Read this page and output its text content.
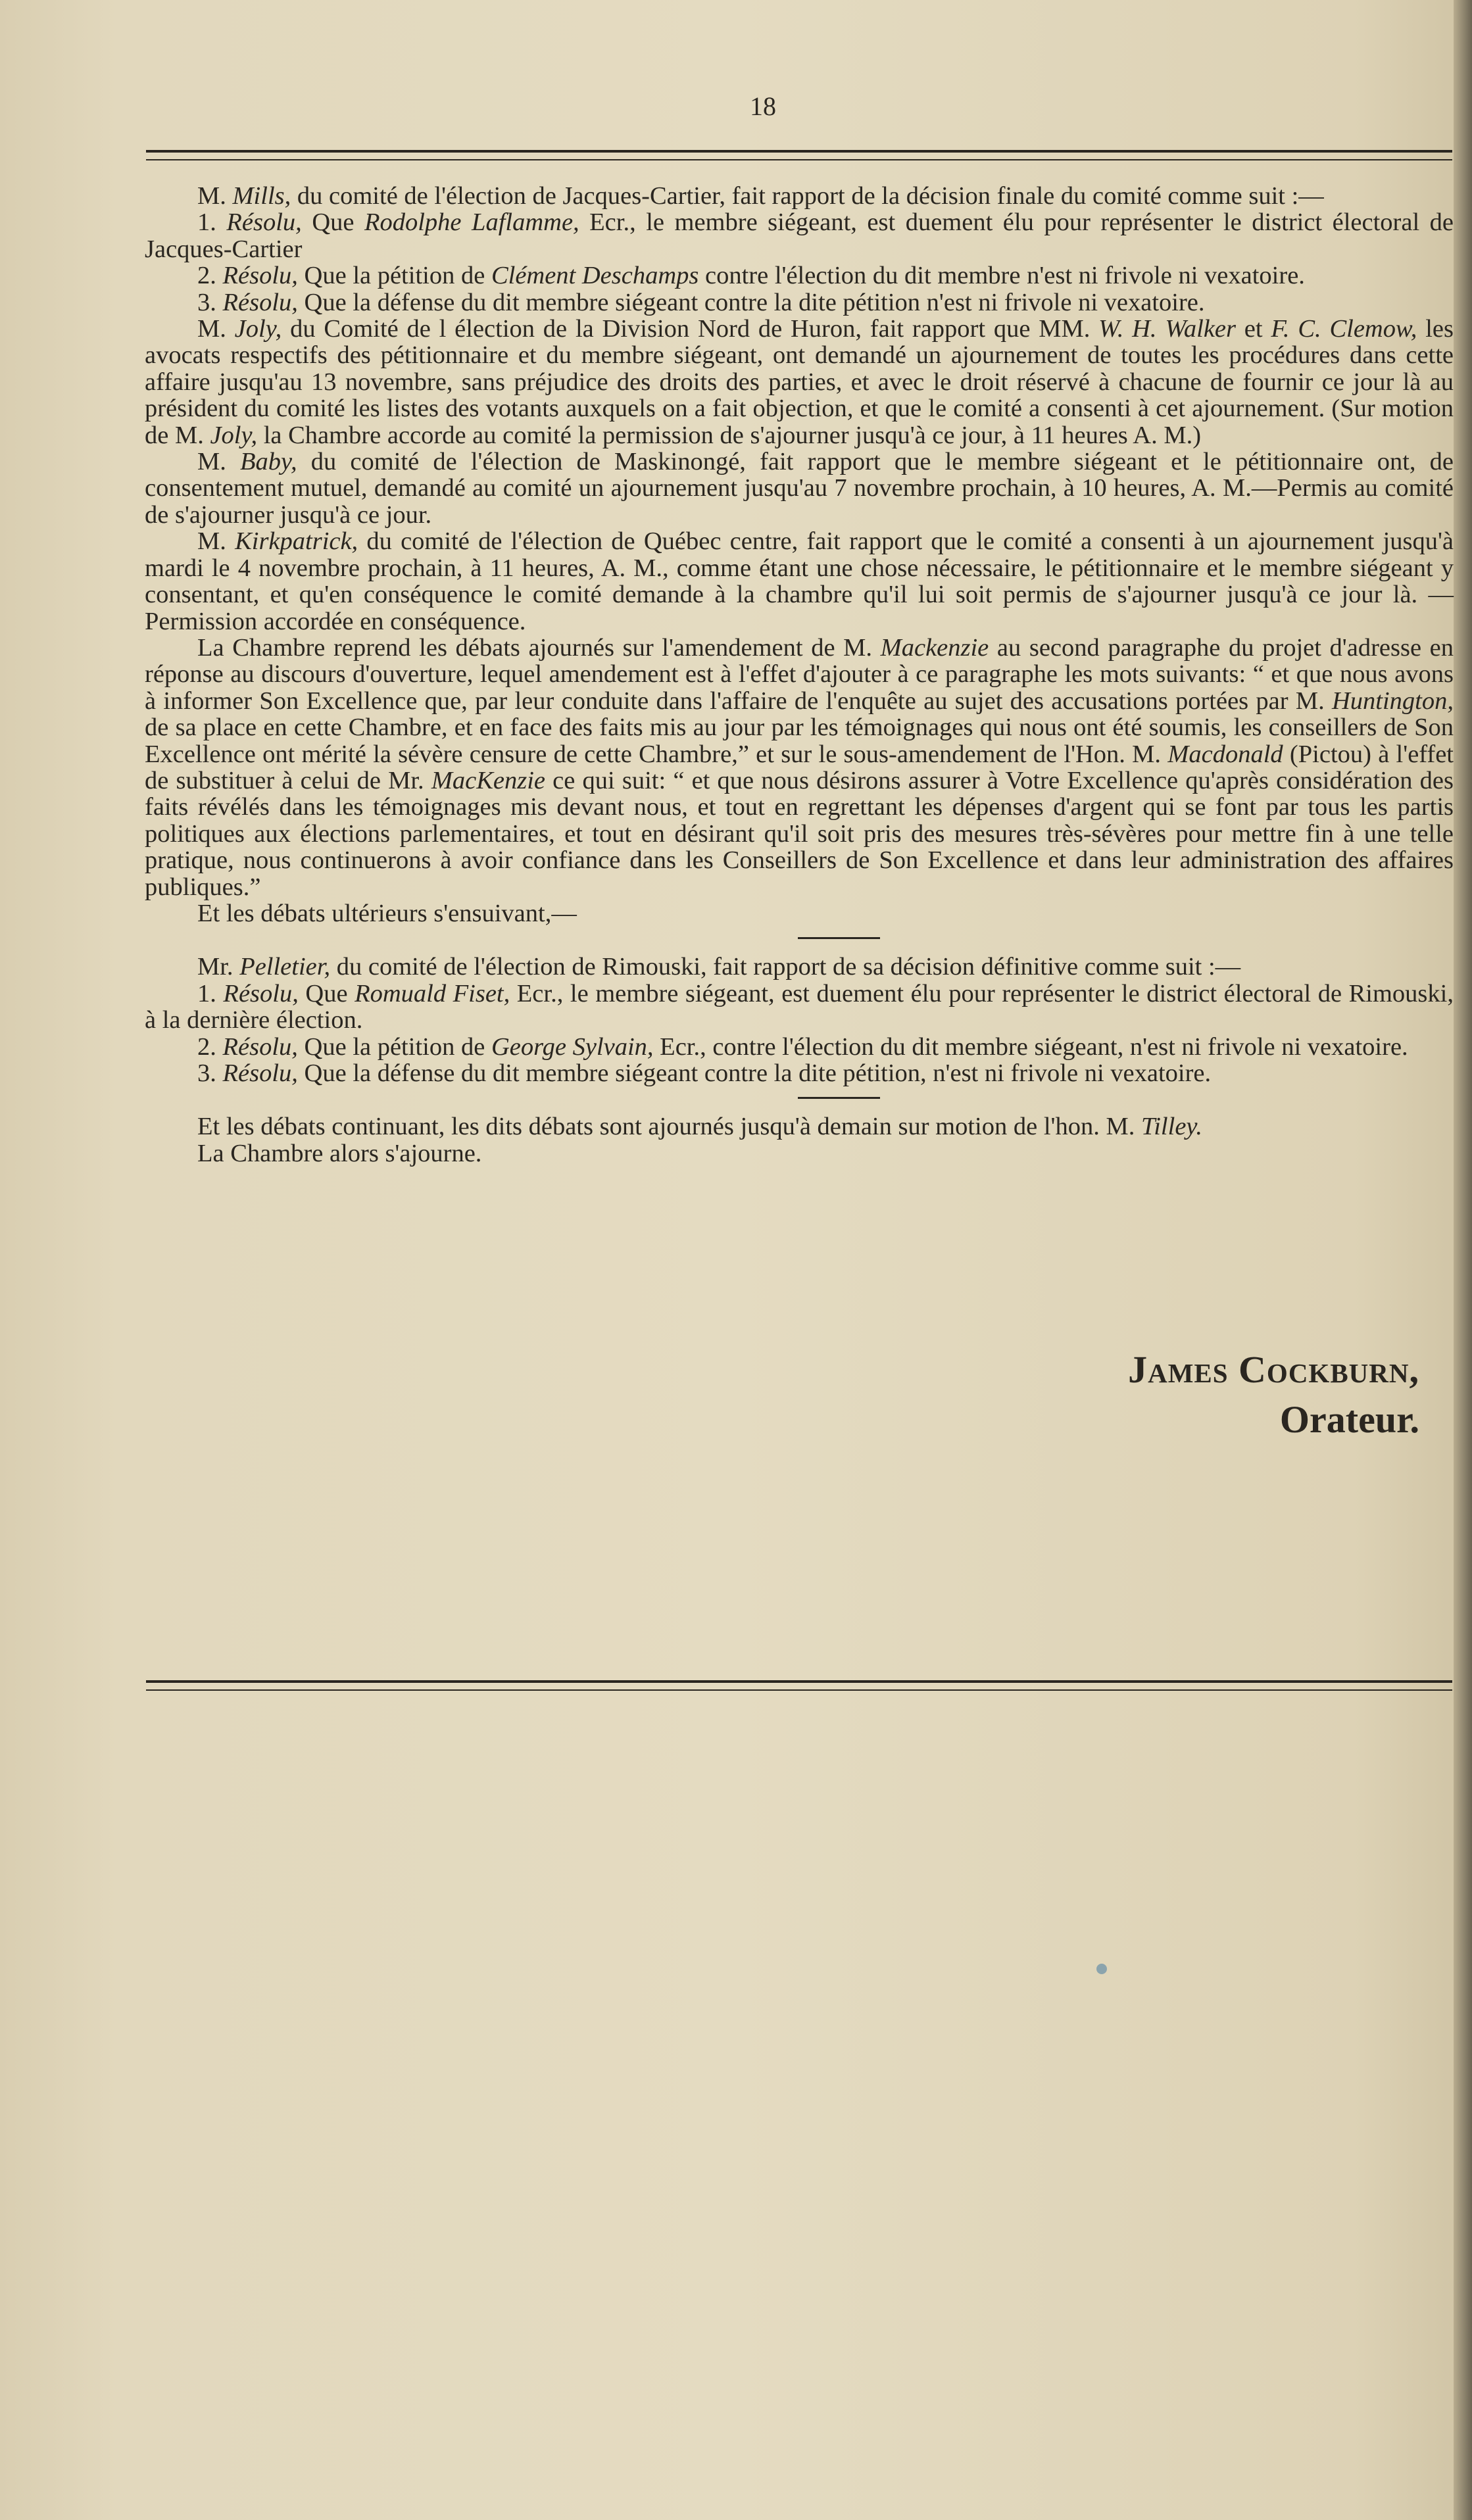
18

M. Mills, du comité de l'élection de Jacques-Cartier, fait rapport de la décision finale du comité comme suit :—

1. Résolu, Que Rodolphe Laflamme, Ecr., le membre siégeant, est duement élu pour représenter le district électoral de Jacques-Cartier

2. Résolu, Que la pétition de Clément Deschamps contre l'élection du dit membre n'est ni frivole ni vexatoire.

3. Résolu, Que la défense du dit membre siégeant contre la dite pétition n'est ni frivole ni vexatoire.

M. Joly, du Comité de l élection de la Division Nord de Huron, fait rapport que MM. W. H. Walker et F. C. Clemow, les avocats respectifs des pétitionnaire et du membre siégeant, ont demandé un ajournement de toutes les procédures dans cette affaire jusqu'au 13 novembre, sans préjudice des droits des parties, et avec le droit réservé à chacune de fournir ce jour là au président du comité les listes des votants auxquels on a fait objection, et que le comité a consenti à cet ajournement. (Sur motion de M. Joly, la Chambre accorde au comité la permission de s'ajourner jusqu'à ce jour, à 11 heures A. M.)

M. Baby, du comité de l'élection de Maskinongé, fait rapport que le membre siégeant et le pétitionnaire ont, de consentement mutuel, demandé au comité un ajournement jusqu'au 7 novembre prochain, à 10 heures, A. M.—Permis au comité de s'ajourner jusqu'à ce jour.

M. Kirkpatrick, du comité de l'élection de Québec centre, fait rapport que le comité a consenti à un ajournement jusqu'à mardi le 4 novembre prochain, à 11 heures, A. M., comme étant une chose nécessaire, le pétitionnaire et le membre siégeant y consentant, et qu'en conséquence le comité demande à la chambre qu'il lui soit permis de s'ajourner jusqu'à ce jour là. —Permission accordée en conséquence.

La Chambre reprend les débats ajournés sur l'amendement de M. Mackenzie au second paragraphe du projet d'adresse en réponse au discours d'ouverture, lequel amendement est à l'effet d'ajouter à ce paragraphe les mots suivants: “ et que nous avons à informer Son Excellence que, par leur conduite dans l'affaire de l'enquête au sujet des accusations portées par M. Huntington, de sa place en cette Chambre, et en face des faits mis au jour par les témoignages qui nous ont été soumis, les conseillers de Son Excellence ont mérité la sévère censure de cette Chambre,” et sur le sous-amendement de l'Hon. M. Macdonald (Pictou) à l'effet de substituer à celui de Mr. MacKenzie ce qui suit: “ et que nous désirons assurer à Votre Excellence qu'après considération des faits révélés dans les témoignages mis devant nous, et tout en regrettant les dépenses d'argent qui se font par tous les partis politiques aux élections parlementaires, et tout en désirant qu'il soit pris des mesures très-sévères pour mettre fin à une telle pratique, nous continuerons à avoir confiance dans les Conseillers de Son Excellence et dans leur administration des affaires publiques.”

Et les débats ultérieurs s'ensuivant,—

Mr. Pelletier, du comité de l'élection de Rimouski, fait rapport de sa décision définitive comme suit :—

1. Résolu, Que Romuald Fiset, Ecr., le membre siégeant, est duement élu pour représenter le district électoral de Rimouski, à la dernière élection.

2. Résolu, Que la pétition de George Sylvain, Ecr., contre l'élection du dit membre siégeant, n'est ni frivole ni vexatoire.

3. Résolu, Que la défense du dit membre siégeant contre la dite pétition, n'est ni frivole ni vexatoire.

Et les débats continuant, les dits débats sont ajournés jusqu'à demain sur motion de l'hon. M. Tilley.

La Chambre alors s'ajourne.

James Cockburn,
Orateur.
